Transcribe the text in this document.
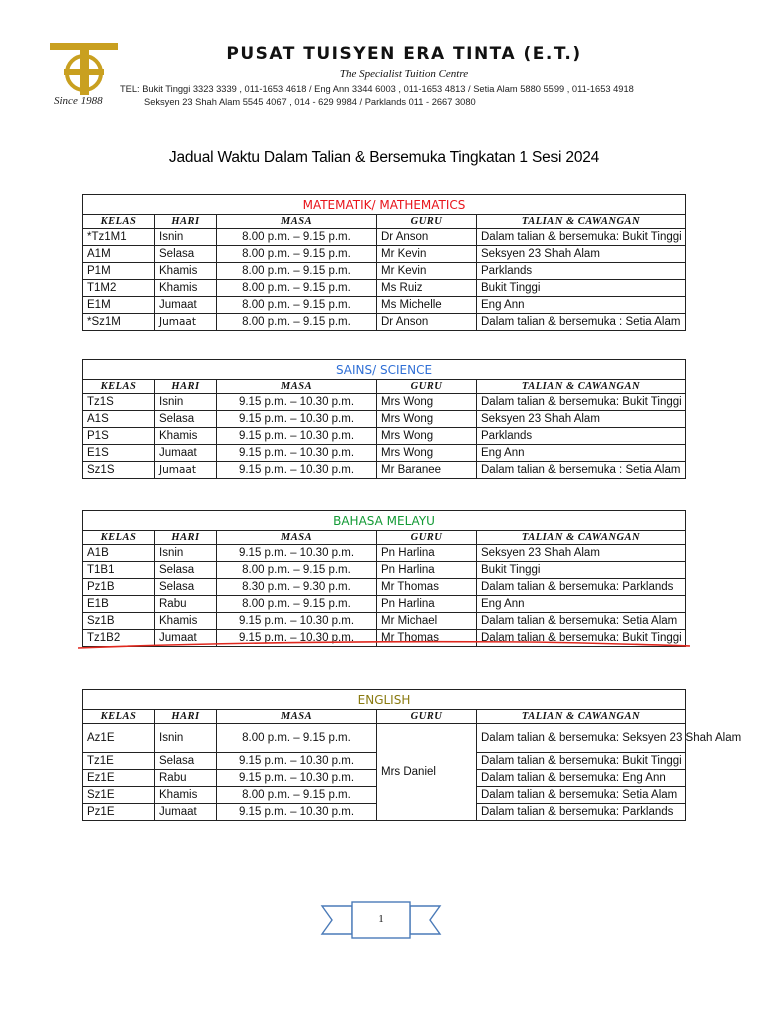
Since 1988
PUSAT TUISYEN ERA TINTA (E.T.)
The Specialist Tuition Centre
TEL: Bukit Tinggi 3323 3339 , 011-1653 4618 / Eng Ann 3344 6003 , 011-1653 4813 / Setia Alam 5880 5599 , 011-1653 4918
Seksyen 23 Shah Alam 5545 4067 , 014 - 629 9984 / Parklands 011 - 2667 3080
Jadual Waktu Dalam Talian & Bersemuka Tingkatan 1 Sesi 2024
MATEMATIK/ MATHEMATICS				
KELAS	HARI	MASA	GURU	TALIAN & CAWANGAN
*Tz1M1	Isnin	8.00 p.m. – 9.15 p.m.	Dr Anson	Dalam talian & bersemuka: Bukit Tinggi
A1M	Selasa	8.00 p.m. – 9.15 p.m.	Mr Kevin	Seksyen 23 Shah Alam
P1M	Khamis	8.00 p.m. – 9.15 p.m.	Mr Kevin	Parklands
T1M2	Khamis	8.00 p.m. – 9.15 p.m.	Ms Ruiz	Bukit Tinggi
E1M	Jumaat	8.00 p.m. – 9.15 p.m.	Ms Michelle	Eng Ann
*Sz1M	Jumaat	8.00 p.m. – 9.15 p.m.	Dr Anson	Dalam talian & bersemuka : Setia Alam
SAINS/ SCIENCE				
KELAS	HARI	MASA	GURU	TALIAN & CAWANGAN
Tz1S	Isnin	9.15 p.m. – 10.30 p.m.	Mrs Wong	Dalam talian & bersemuka: Bukit Tinggi
A1S	Selasa	9.15 p.m. – 10.30 p.m.	Mrs Wong	Seksyen 23 Shah Alam
P1S	Khamis	9.15 p.m. – 10.30 p.m.	Mrs Wong	Parklands
E1S	Jumaat	9.15 p.m. – 10.30 p.m.	Mrs Wong	Eng Ann
Sz1S	Jumaat	9.15 p.m. – 10.30 p.m.	Mr Baranee	Dalam talian & bersemuka : Setia Alam
BAHASA MELAYU				
KELAS	HARI	MASA	GURU	TALIAN & CAWANGAN
A1B	Isnin	9.15 p.m. – 10.30 p.m.	Pn Harlina	Seksyen 23 Shah Alam
T1B1	Selasa	8.00 p.m. – 9.15 p.m.	Pn Harlina	Bukit Tinggi
Pz1B	Selasa	8.30 p.m. – 9.30 p.m.	Mr Thomas	Dalam talian & bersemuka: Parklands
E1B	Rabu	8.00 p.m. – 9.15 p.m.	Pn Harlina	Eng Ann
Sz1B	Khamis	9.15 p.m. – 10.30 p.m.	Mr Michael	Dalam talian & bersemuka: Setia Alam
Tz1B2	Jumaat	9.15 p.m. – 10.30 p.m.	Mr Thomas	Dalam talian & bersemuka: Bukit Tinggi
ENGLISH				
KELAS	HARI	MASA	GURU	TALIAN & CAWANGAN
Az1E	Isnin	8.00 p.m. – 9.15 p.m.	Mrs Daniel	Dalam talian & bersemuka: Seksyen 23 Shah Alam
Tz1E	Selasa	9.15 p.m. – 10.30 p.m.		Dalam talian & bersemuka: Bukit Tinggi
Ez1E	Rabu	9.15 p.m. – 10.30 p.m.		Dalam talian & bersemuka: Eng Ann
Sz1E	Khamis	8.00 p.m. – 9.15 p.m.		Dalam talian & bersemuka: Setia Alam
Pz1E	Jumaat	9.15 p.m. – 10.30 p.m.		Dalam talian & bersemuka: Parklands
1
